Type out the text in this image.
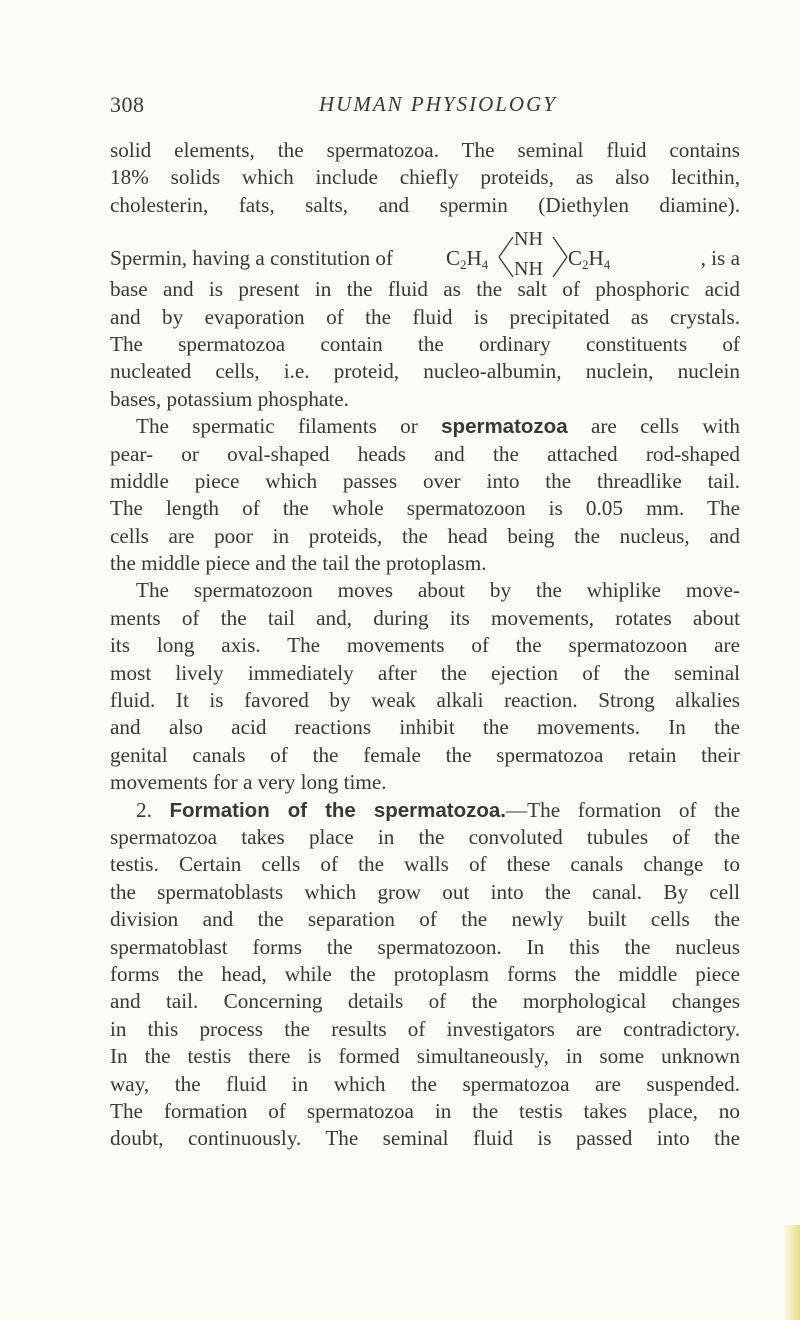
308	HUMAN PHYSIOLOGY
solid elements, the spermatozoa. The seminal fluid contains
18% solids which include chiefly proteids, as also lecithin,
cholesterin, fats, salts, and spermin (Diethylen diamine).
Spermin, having a constitution of	$C_2H_4$
NH
NH $C_2H_4$	, is a
base and is present in the fluid as the salt of phosphoric acid
and by evaporation of the fluid is precipitated as crystals.
The spermatozoa contain the ordinary constituents of
nucleated cells, i.e. proteid, nucleo-albumin, nuclein, nuclein
bases, potassium phosphate.
The spermatic filaments or spermatozoa are cells with
pear- or oval-shaped heads and the attached rod-shaped
middle piece which passes over into the threadlike tail.
The length of the whole spermatozoon is 0.05 mm. The
cells are poor in proteids, the head being the nucleus, and
the middle piece and the tail the protoplasm.
The spermatozoon moves about by the whiplike move-
ments of the tail and, during its movements, rotates about
its long axis. The movements of the spermatozoon are
most lively immediately after the ejection of the seminal
fluid. It is favored by weak alkali reaction. Strong alkalies
and also acid reactions inhibit the movements. In the
genital canals of the female the spermatozoa retain their
movements for a very long time.
2. Formation of the spermatozoa.—The formation of the
spermatozoa takes place in the convoluted tubules of the
testis. Certain cells of the walls of these canals change to
the spermatoblasts which grow out into the canal. By cell
division and the separation of the newly built cells the
spermatoblast forms the spermatozoon. In this the nucleus
forms the head, while the protoplasm forms the middle piece
and tail. Concerning details of the morphological changes
in this process the results of investigators are contradictory.
In the testis there is formed simultaneously, in some unknown
way, the fluid in which the spermatozoa are suspended.
The formation of spermatozoa in the testis takes place, no
doubt, continuously. The seminal fluid is passed into the
